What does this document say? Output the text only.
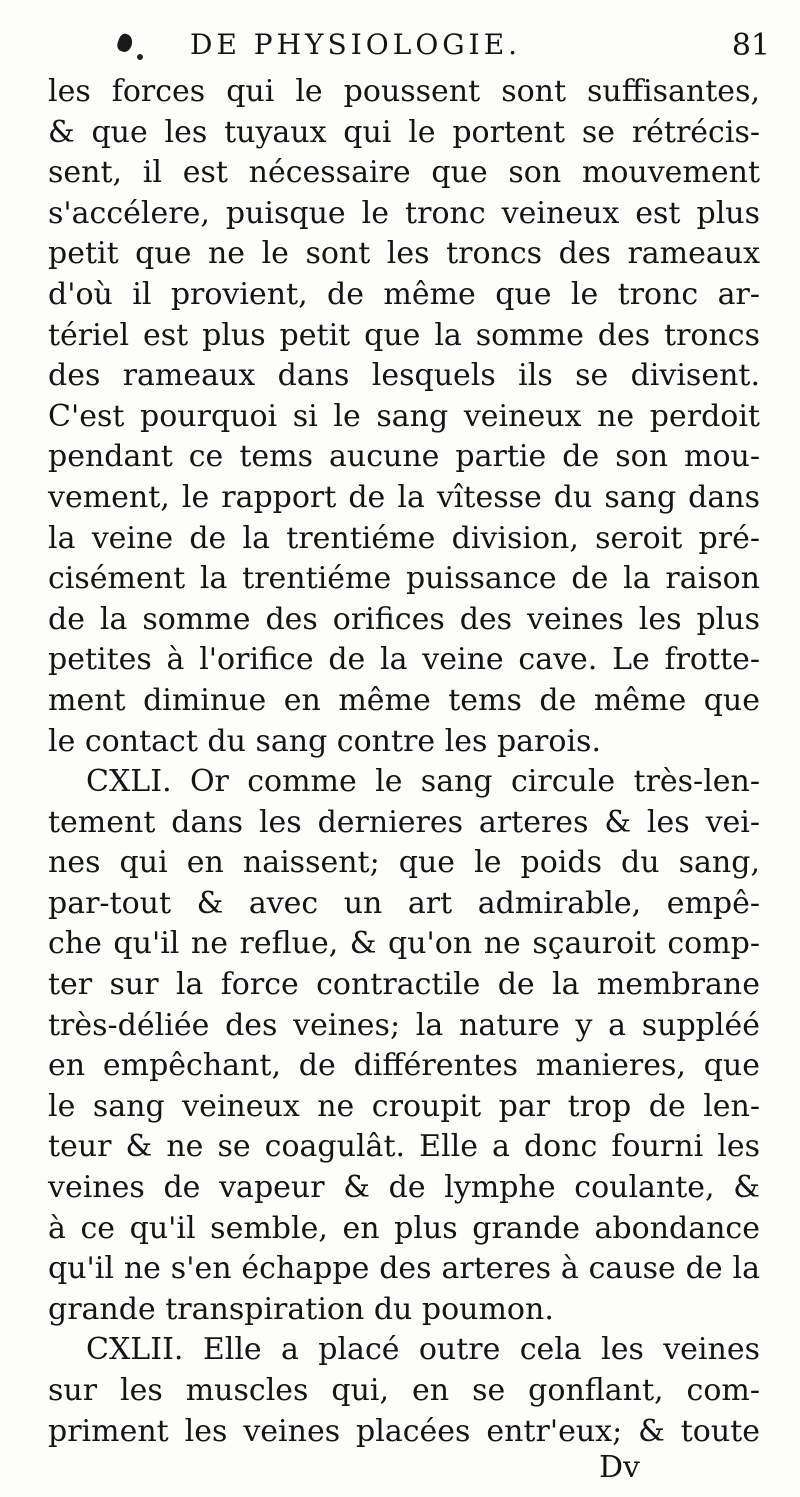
DE PHYSIOLOGIE.	81
les forces qui le poussent sont suffisantes,
& que les tuyaux qui le portent se rétrécis-
sent, il est nécessaire que son mouvement
s'accélere, puisque le tronc veineux est plus
petit que ne le sont les troncs des rameaux
d'où il provient, de même que le tronc ar-
tériel est plus petit que la somme des troncs
des rameaux dans lesquels ils se divisent.
C'est pourquoi si le sang veineux ne perdoit
pendant ce tems aucune partie de son mou-
vement, le rapport de la vîtesse du sang dans
la veine de la trentiéme division, seroit pré-
cisément la trentiéme puissance de la raison
de la somme des orifices des veines les plus
petites à l'orifice de la veine cave. Le frotte-
ment diminue en même tems de même que
le contact du sang contre les parois.
CXLI. Or comme le sang circule très-len-
tement dans les dernieres arteres & les vei-
nes qui en naissent; que le poids du sang,
par-tout & avec un art admirable, empê-
che qu'il ne reflue, & qu'on ne sçauroit comp-
ter sur la force contractile de la membrane
très-déliée des veines; la nature y a suppléé
en empêchant, de différentes manieres, que
le sang veineux ne croupit par trop de len-
teur & ne se coagulât. Elle a donc fourni les
veines de vapeur & de lymphe coulante, &
à ce qu'il semble, en plus grande abondance
qu'il ne s'en échappe des arteres à cause de la
grande transpiration du poumon.
CXLII. Elle a placé outre cela les veines
sur les muscles qui, en se gonflant, com-
priment les veines placées entr'eux; & toute
Dv
